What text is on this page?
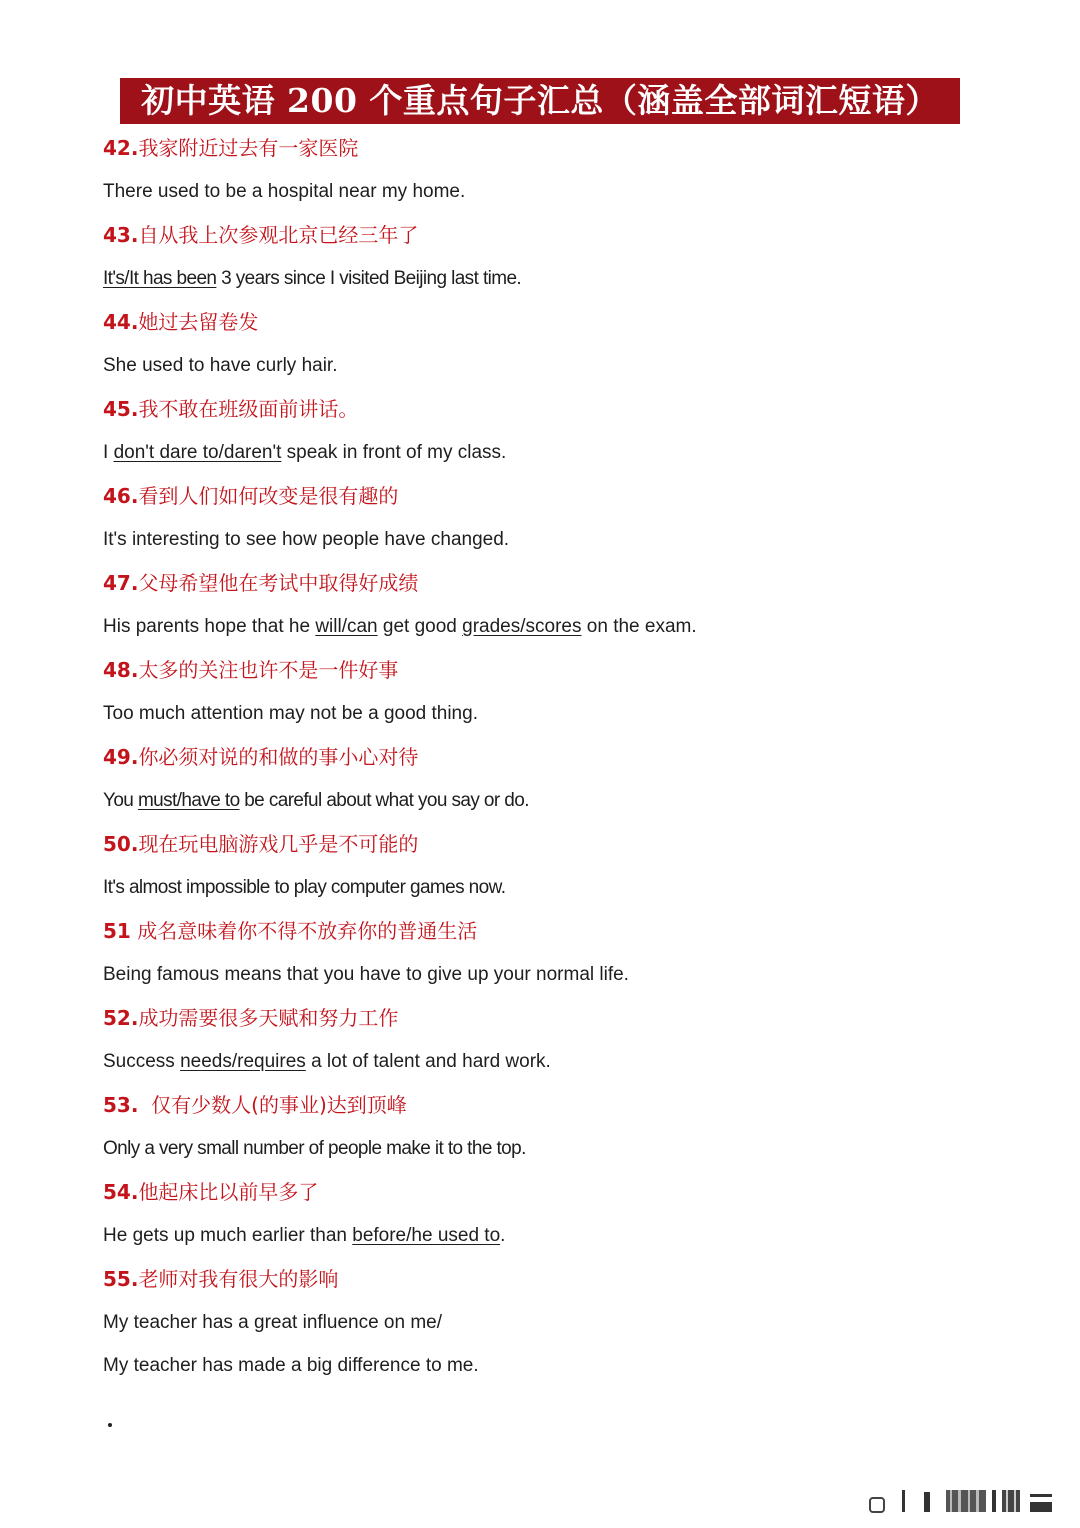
初中英语 200 个重点句子汇总（涵盖全部词汇短语）
42.我家附近过去有一家医院
There used to be a hospital near my home.
43.自从我上次参观北京已经三年了
It's/It has been 3 years since I visited Beijing last time.
44.她过去留卷发
She used to have curly hair.
45.我不敢在班级面前讲话。
I don't dare to/daren't speak in front of my class.
46.看到人们如何改变是很有趣的
It's interesting to see how people have changed.
47.父母希望他在考试中取得好成绩
His parents hope that he will/can get good grades/scores on the exam.
48.太多的关注也许不是一件好事
Too much attention may not be a good thing.
49.你必须对说的和做的事小心对待
You must/have to be careful about what you say or do.
50.现在玩电脑游戏几乎是不可能的
It's almost impossible to play computer games now.
51 成名意味着你不得不放弃你的普通生活
Being famous means that you have to give up your normal life.
52.成功需要很多天赋和努力工作
Success needs/requires a lot of talent and hard work.
53.  仅有少数人(的事业)达到顶峰
Only a very small number of people make it to the top.
54.他起床比以前早多了
He gets up much earlier than before/he used to.
55.老师对我有很大的影响
My teacher has a great influence on me/
My teacher has made a big difference to me.
